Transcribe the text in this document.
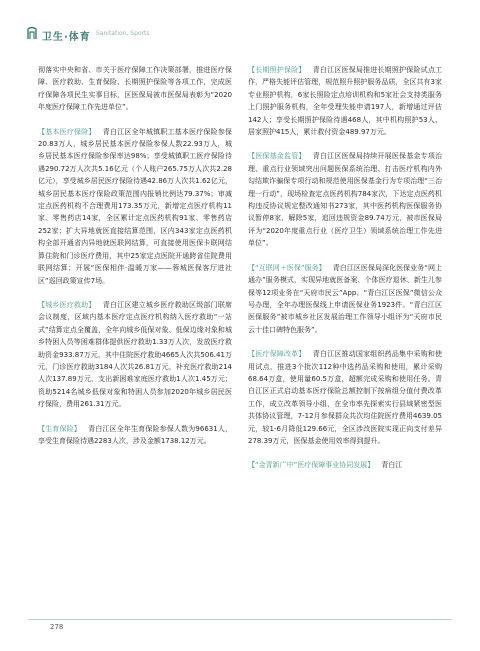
卫生·体育 Sanitation, Sports

彻落实中央和省、市关于医疗保障工作决策部署，推进医疗保障、医疗救助、生育保险、长期照护保险等各项工作，完成医疗保障各项民生实事目标，区医保局被市医保局表彰为“2020年度医疗保障工作先进单位”。

【基本医疗保险】  青白江区全年城镇职工基本医疗保险参保20.83万人，城乡居民基本医疗保险参保人数22.93万人，城乡居民基本医疗保险参保率达98%；享受城镇职工医疗保险待遇290.72万人次共5.16亿元（个人账户265.75万人次共2.28亿元），享受城乡居民医疗保险待遇42.86万人次共1.62亿元，城乡居民基本医疗保险政策范围内报销比例达79.37%；审减定点医药机构不合理费用173.35万元，新增定点医疗机构11家、零售药店14家，全区累计定点医药机构91家、零售药店252家；扩大异地就医直接结算范围，区内343家定点医药机构全部开通省内异地就医联网结算，可直接使用医保卡联网结算住院和门诊医疗费用，其中25家定点医院开通跨省住院费用联网结算；开展“医保相伴·温暖万家——蓉城医保客厅进社区”巡回政策宣传7场。

【城乡医疗救助】  青白江区建立城乡医疗救助区级部门联席会议制度，区域内基本医疗定点医疗机构纳入医疗救助“一站式”结算定点全覆盖，全年向城乡低保对象、低保边缘对象和城乡特困人员等困难群体提供医疗救助1.33万人次，发放医疗救助资金933.87万元，其中住院医疗救助4665人次共506.41万元，门诊医疗救助3184人次共26.81万元，补充医疗救助214人次137.89万元，支出新困难家庭医疗救助1人次1.45万元；资助5214名城乡低保对象和特困人员参加2020年城乡居民医疗保险，费用261.31万元。

【生育保险】  青白江区全年生育保险参保人数为96631人，享受生育保险待遇2283人次，涉及金额1738.12万元。

【长期照护保险】  青白江区医保局推进长期照护保险试点工作，严格失能评估管理，规范照升照护服务品质，全区共有3家专业照护机构，6家长照险定点培训机构和5家社会支持类服务上门照护服务机构，全年受理失能申请197人，新增通过评估142人；享受长期照护保险待遇468人，其中机构照护53人、居家照护415人，累计救付资金489.97万元。

【医保基金监管】  青白江区医保局持续开展医保基金专项治理、重点行业领域突出问题医保系统治理、打击医疗机构内外勾结欺诈骗保专项行动和规范使用医保基金行为专项治理“三治理一行动”，现场检查定点医药机构784家次，下达定点医药机构违反协议规定整改通知书273家，其中医药机构医保服务协议暂停8家、解除5家，追回违规资金89.74万元，被市医保局评为“2020年度重点行业（医疗卫生）领域系统治理工作先进单位”。

【“互联网＋医保”服务】  青白江区医保局深化医保业务“网上通办”服务模式，实现异地就医备案、个体医疗退休、新生儿参保等12项业务在“天府市民云”App、“青白江区医保”微信公众号办理，全年办理医保线上申请医保业务1923件。“青白江区医保服务”被市城乡社区发展治理工作领导小组评为“天府市民云十佳口碑特色服务”。

【医疗保障改革】  青白江区推动国家组织药品集中采购和使用试点，推进3个批次112种中选药品采购和使用，累计采购68.64万盒，使用量60.5万盒，超额完成采购和使用任务。青白江区正式启动基本医疗保险总额控制下按病组分值付费改革工作，成立改革领导小组，在全市率先探索实行县域紧密型医共体协议管理，7-12月参保群众共次均住院医疗费用4639.05元，较1-6月降低129.66元，全区涉改医院实现正向支付差异278.39万元，医保基金使用效率得到提升。

【“金青新广中”医疗保障事业协同发展】  青白江

278
